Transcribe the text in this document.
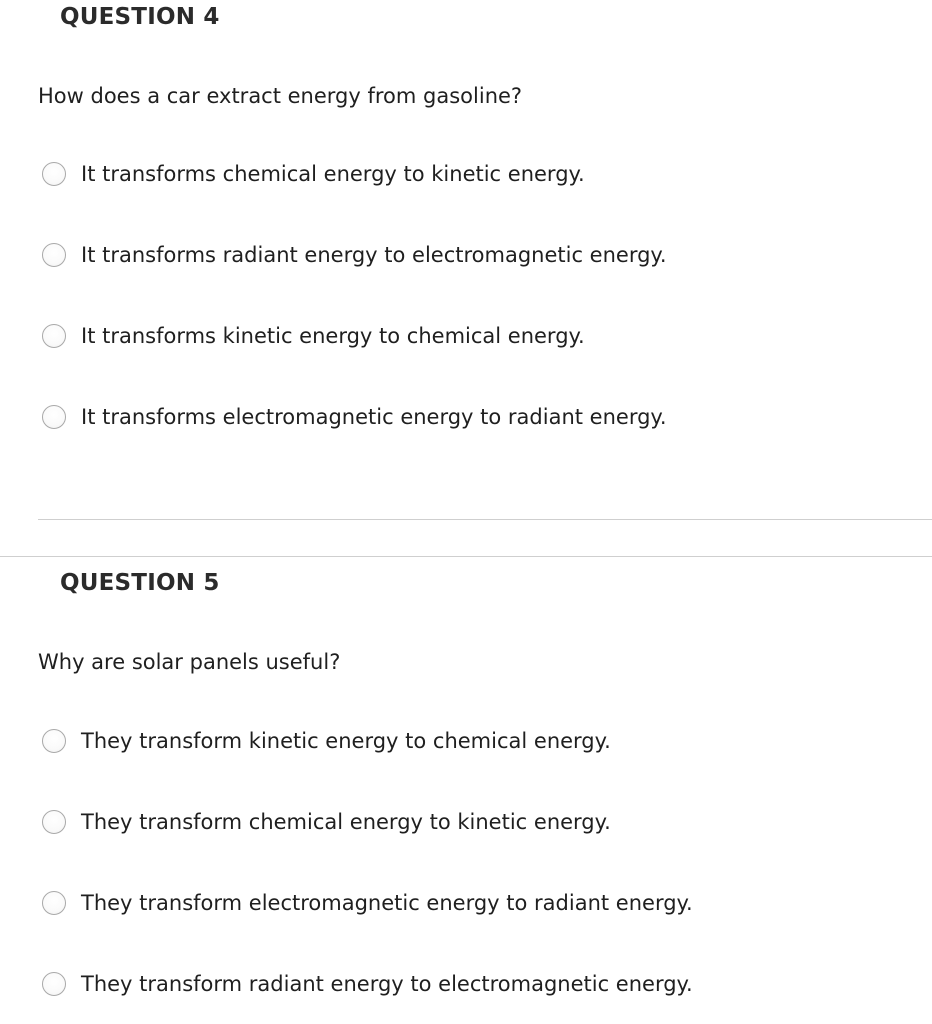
QUESTION 4

How does a car extract energy from gasoline?

It transforms chemical energy to kinetic energy.
It transforms radiant energy to electromagnetic energy.
It transforms kinetic energy to chemical energy.
It transforms electromagnetic energy to radiant energy.
QUESTION 5

Why are solar panels useful?

They transform kinetic energy to chemical energy.
They transform chemical energy to kinetic energy.
They transform electromagnetic energy to radiant energy.
They transform radiant energy to electromagnetic energy.
